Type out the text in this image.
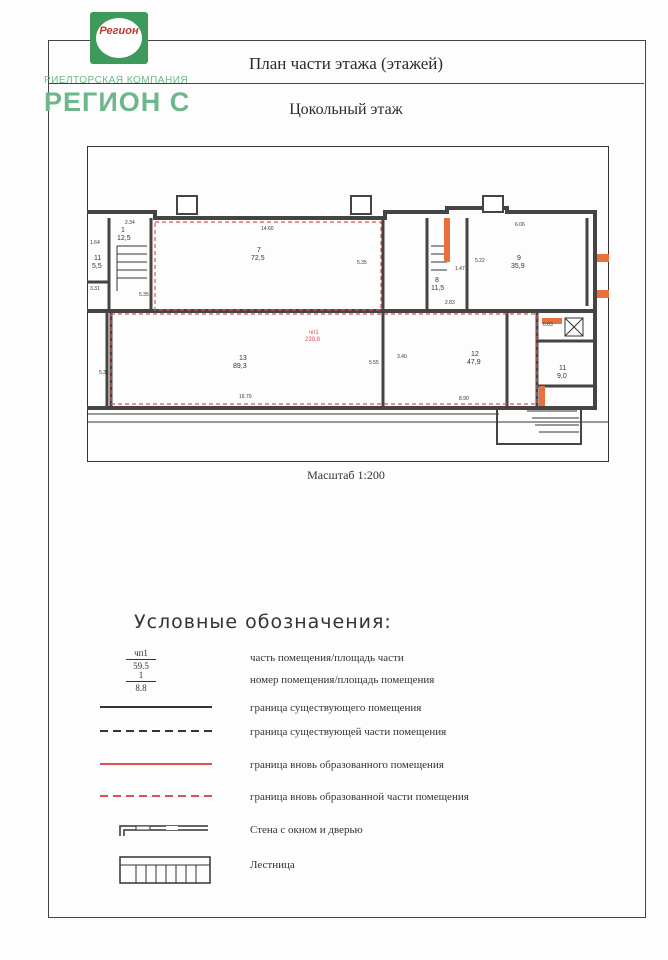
План части этажа (этажей)
Цокольный этаж
11
5,5
1
12,5
7
72,5
8
11,5
9
35,9
13
89,3
12
47,9
11
9,0
чп1
239,8
2.34
1.64
3.31
5.35
14.60
5.35
6.06
5.22
1.47
2.83
0.63
5.38
5.55
3.40
16.70	8.90
Масштаб 1:200
Условные обозначения:
чп1
59.5
часть помещения/площадь части
$\frac{1}{8.8}$	номер помещения/площадь помещения
граница существующего помещения
граница существующей части помещения
граница вновь образованного помещения
граница вновь образованной части помещения
Стена с окном и дверью
Лестница
Регион
РИЕЛТОРСКАЯ КОМПАНИЯ
РЕГИОН С
